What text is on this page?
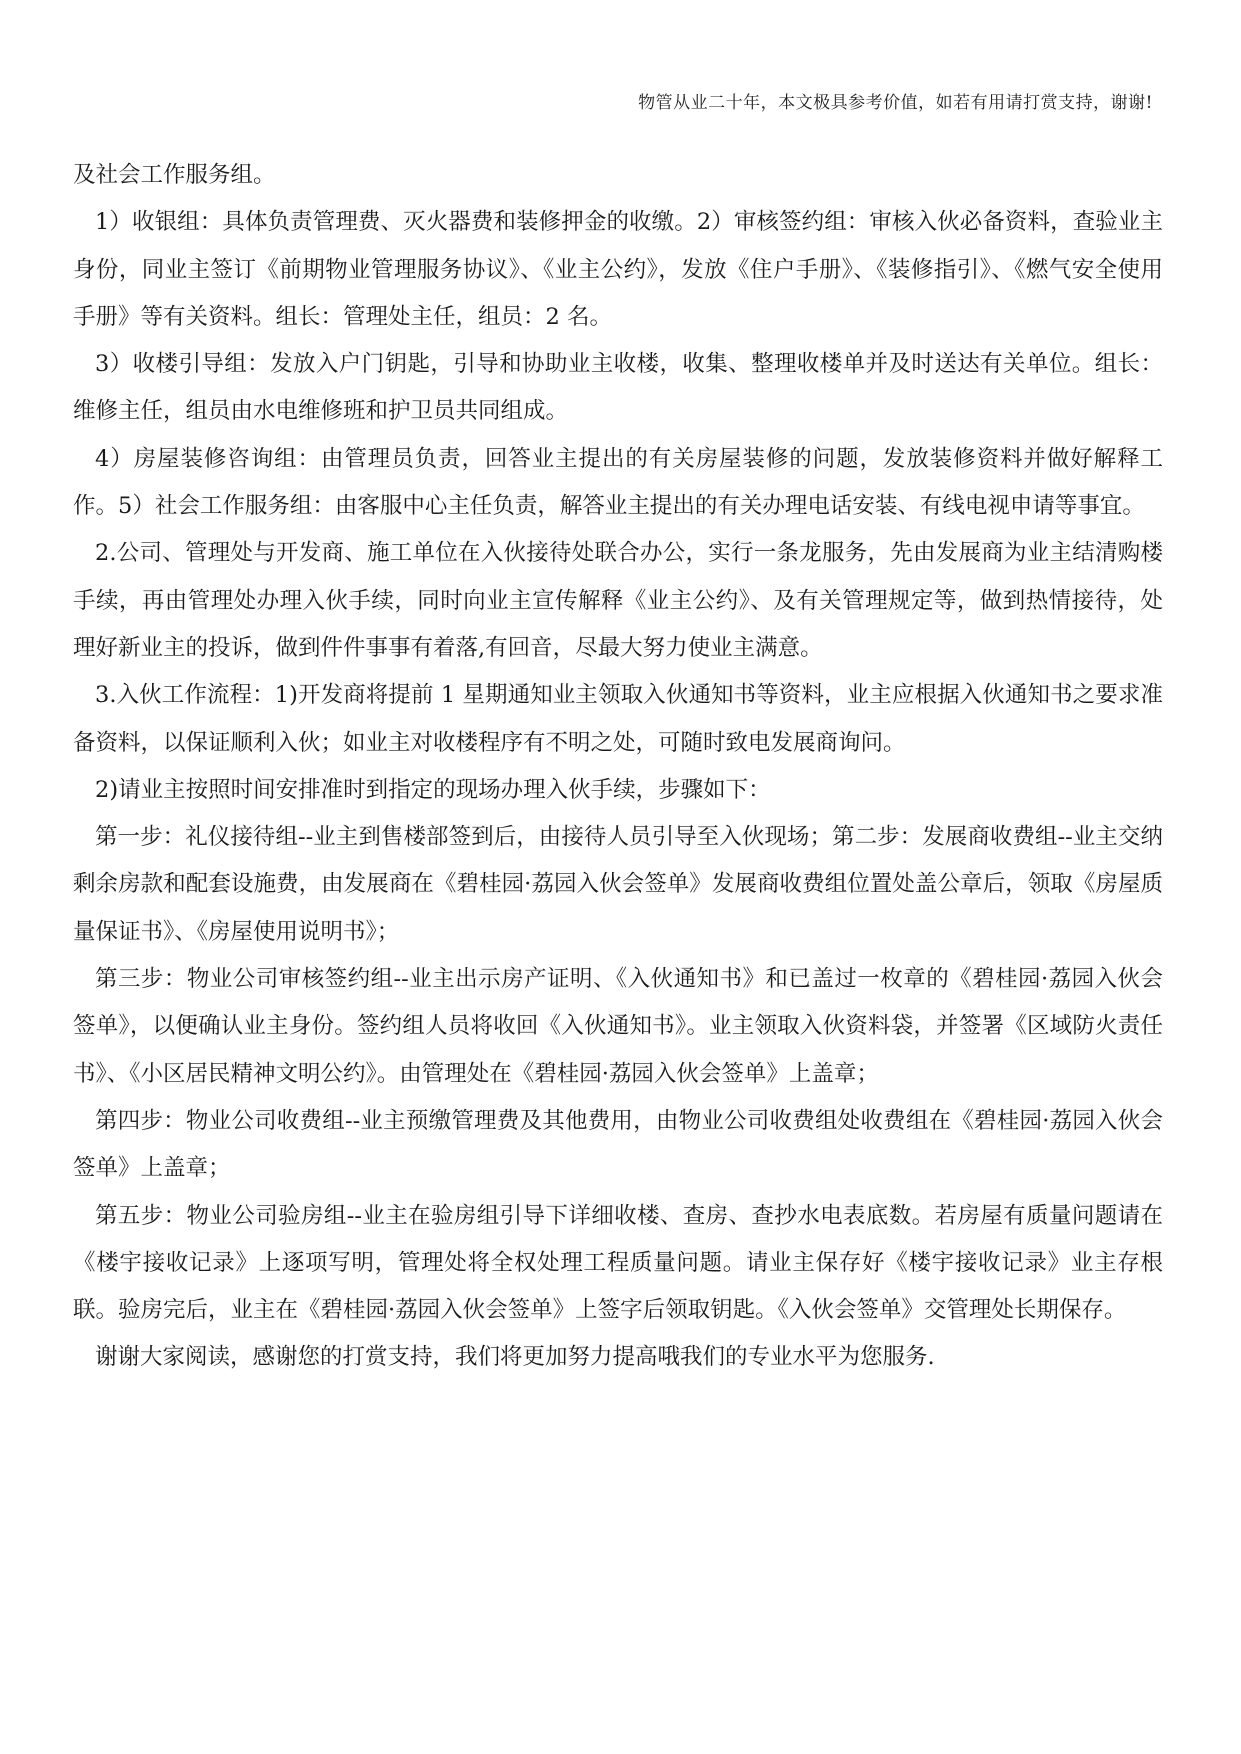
物管从业二十年，本文极具参考价值，如若有用请打赏支持，谢谢!

及社会工作服务组。

1）收银组：具体负责管理费、灭火器费和装修押金的收缴。2）审核签约组：审核入伙必备资料，查验业主身份，同业主签订《前期物业管理服务协议》、《业主公约》，发放《住户手册》、《装修指引》、《燃气安全使用手册》等有关资料。组长：管理处主任，组员：2 名。

3）收楼引导组：发放入户门钥匙，引导和协助业主收楼，收集、整理收楼单并及时送达有关单位。组长：维修主任，组员由水电维修班和护卫员共同组成。

4）房屋装修咨询组：由管理员负责，回答业主提出的有关房屋装修的问题，发放装修资料并做好解释工作。5）社会工作服务组：由客服中心主任负责，解答业主提出的有关办理电话安装、有线电视申请等事宜。

2.公司、管理处与开发商、施工单位在入伙接待处联合办公，实行一条龙服务，先由发展商为业主结清购楼手续，再由管理处办理入伙手续，同时向业主宣传解释《业主公约》、及有关管理规定等，做到热情接待，处理好新业主的投诉，做到件件事事有着落,有回音，尽最大努力使业主满意。

3.入伙工作流程：1)开发商将提前 1 星期通知业主领取入伙通知书等资料，业主应根据入伙通知书之要求准备资料，以保证顺利入伙；如业主对收楼程序有不明之处，可随时致电发展商询问。

2)请业主按照时间安排准时到指定的现场办理入伙手续，步骤如下：

第一步：礼仪接待组--业主到售楼部签到后，由接待人员引导至入伙现场；第二步：发展商收费组--业主交纳剩余房款和配套设施费，由发展商在《碧桂园·荔园入伙会签单》发展商收费组位置处盖公章后，领取《房屋质量保证书》、《房屋使用说明书》；

第三步：物业公司审核签约组--业主出示房产证明、《入伙通知书》和已盖过一枚章的《碧桂园·荔园入伙会签单》，以便确认业主身份。签约组人员将收回《入伙通知书》。业主领取入伙资料袋，并签署《区域防火责任书》、《小区居民精神文明公约》。由管理处在《碧桂园·荔园入伙会签单》上盖章；

第四步：物业公司收费组--业主预缴管理费及其他费用，由物业公司收费组处收费组在《碧桂园·荔园入伙会签单》上盖章；

第五步：物业公司验房组--业主在验房组引导下详细收楼、查房、查抄水电表底数。若房屋有质量问题请在《楼宇接收记录》上逐项写明，管理处将全权处理工程质量问题。请业主保存好《楼宇接收记录》业主存根联。验房完后，业主在《碧桂园·荔园入伙会签单》上签字后领取钥匙。《入伙会签单》交管理处长期保存。

谢谢大家阅读，感谢您的打赏支持，我们将更加努力提高哦我们的专业水平为您服务.
